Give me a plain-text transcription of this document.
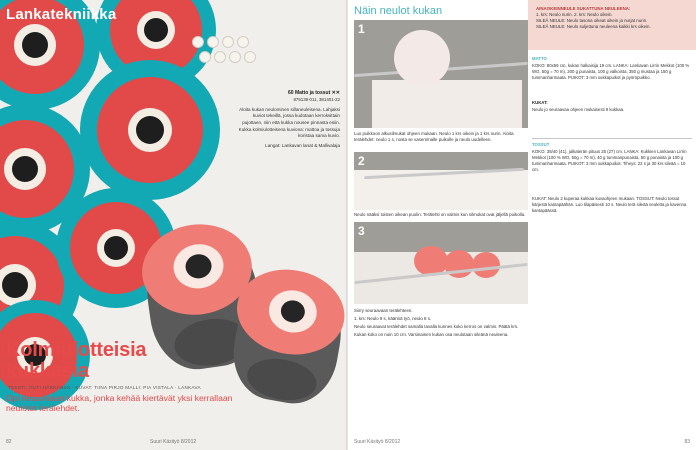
Lankatekniikka
60 Matto ja tossut ✕✕
875139-011, 381401-22
Aloita kukan neulominen sillaneuleisena. Lahjaksi kuviot tekeillä, jossa kudotaan kerroksittain pujottaen, niin että kukka nousee pinnasta esiin. Kukka kolmiulotteisena kuviona: mattoa ja tossuja koristaa sama kuvio.
Langat: Lankavan lanat & Mallivalaja
Kolmiulotteisia
kukkasia
TEKSTI: OUTI HÄKKÄNEN · KUVAT: TIINA PIRJO MALLI: PIA VISTALA · LANKAVA
Opi neulomaan kukka, jonka kehää kiertävät yksi kerrallaan neulotut terälehdet.
82	Suuri Käsityö 8/2012
Näin neulot kukan
1
Luo puikkoon alkusilmukat ohjeen mukaan. Neulo 1 krs oikein ja 1 krs nurin. Aloita terälehdet: neulo 1 s, nosta se vasemmalle puikolle ja neulo uudelleen.
2
Neulo nääksi toisten oikean puolin. Terälehti on valmis kun silmukat ovat jäljellä puikolla.
3

Siirry seuraavaan terälehteen.

1. krs: Neulo 9 s, käännä työ, neulo 8 s.

Neulo seuraavat terälehdet samalla tavalla kunnes koko kerros on valmis. Päätä krs.

Kukan koko on noin 10 cm. Varsinainen kukan osa neulotaan sileänä neuleena.

Suuri Käsityö 8/2012
AINAOKEINNEULE SUKATTUNA NEULEENA:
1. krs: Neulo nurin. 2. krs: Neulo oikein.
SILEÄ NEULE: Neulo tasona oikeat oikein ja nurjat nurin.
SILEÄ NEULE: Neulo suljettuna neuleena kaikki krs oikein.
MATTO
KOKO: 80x59 cm, kukan halkaisija 19 cm. LANKA: Lankavan Lirrin Mekkot (100 % WO, 50g = 70 m), 200 g punaista, 100 g valkoista, 350 g mustaa ja 150 g tummanharmaata. PUIKOT: 3 mm sukkapuikot ja pyöröpuikko.
KUKAT:
Neulo jo seuraavaa ohjeen mukaisesti 9 kukkaa.
TOSSUT
KOKO: 38/40 (41), jalkaterän pituus 25 (27) cm. LANKA: Kukkien Lankavan Lirrin Mekkot (100 % WO, 50g = 70 m), 40 g tummanpunaista, 50 g punaista ja 100 g tummanharmaata. PUIKOT: 3 mm sukkapuikot. Tiheys: 22 s ja 30 krs sileää = 10 cm.
KUKAT: Neulo 2 kuperaa kukkaa kuvaohjeen mukaan. TOSSUT: Neulo tossut kärjestä kantapäähän. Luo tilapäisesti 10 s. Neulo terä sileää neuletta ja kavenna kantapäässä.
83
